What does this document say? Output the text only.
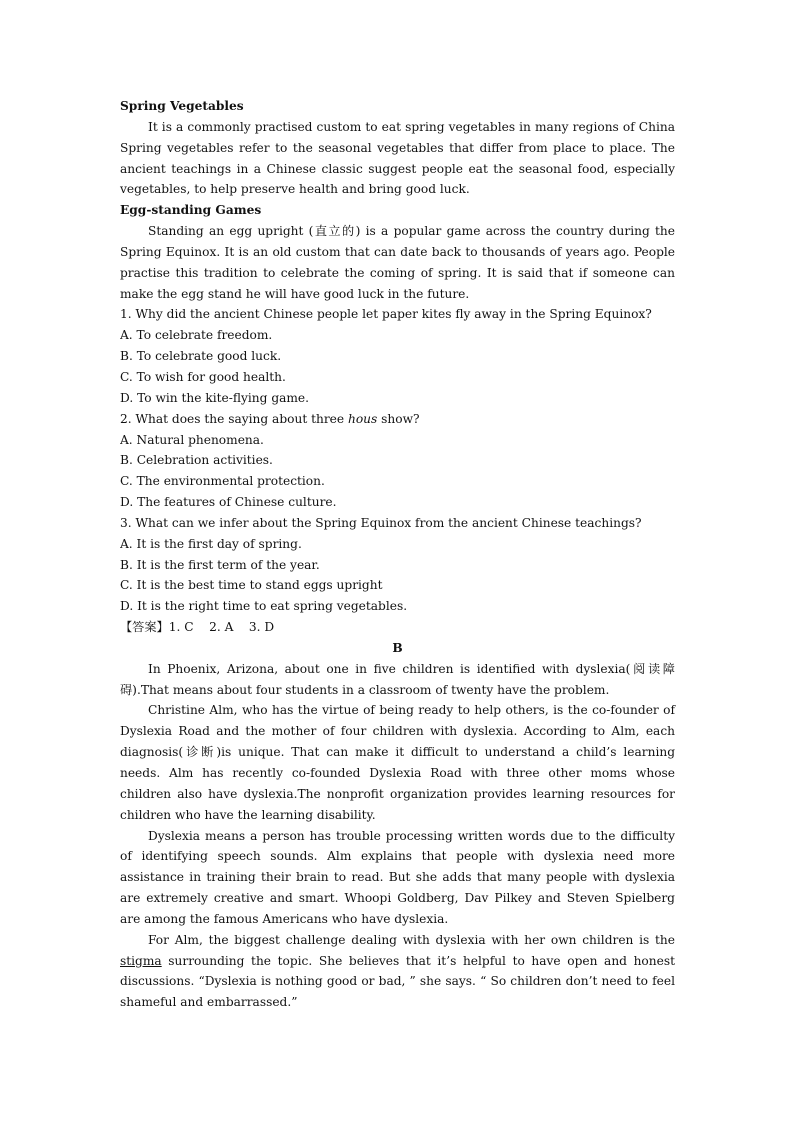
Spring Vegetables

It is a commonly practised custom to eat spring vegetables in many regions of China Spring vegetables refer to the seasonal vegetables that differ from place to place. The ancient teachings in a Chinese classic suggest people eat the seasonal food, especially vegetables, to help preserve health and bring good luck.

Egg-standing Games

Standing an egg upright (直立的) is a popular game across the country during the Spring Equinox. It is an old custom that can date back to thousands of years ago. People practise this tradition to celebrate the coming of spring. It is said that if someone can make the egg stand he will have good luck in the future.

1. Why did the ancient Chinese people let paper kites fly away in the Spring Equinox?
A. To celebrate freedom.
B. To celebrate good luck.
C. To wish for good health.
D. To win the kite-flying game.
2. What does the saying about three hous show?
A. Natural phenomena.
B. Celebration activities.
C. The environmental protection.
D. The features of Chinese culture.
3. What can we infer about the Spring Equinox from the ancient Chinese teachings?
A. It is the first day of spring.
B. It is the first term of the year.
C. It is the best time to stand eggs upright
D. It is the right time to eat spring vegetables.
【答案】1. C    2. A    3. D
B

In Phoenix, Arizona, about one in five children is identified with dyslexia(阅读障碍).That means about four students in a classroom of twenty have the problem.

Christine Alm, who has the virtue of being ready to help others, is the co-founder of Dyslexia Road and the mother of four children with dyslexia. According to Alm, each diagnosis(诊断)is unique. That can make it difficult to understand a child’s learning needs. Alm has recently co-founded Dyslexia Road with three other moms whose children also have dyslexia.The nonprofit organization provides learning resources for children who have the learning disability.

Dyslexia means a person has trouble processing written words due to the difficulty of identifying speech sounds. Alm explains that people with dyslexia need more assistance in training their brain to read. But she adds that many people with dyslexia are extremely creative and smart. Whoopi Goldberg, Dav Pilkey and Steven Spielberg are among the famous Americans who have dyslexia.

For Alm, the biggest challenge dealing with dyslexia with her own children is the stigma surrounding the topic. She believes that it’s helpful to have open and honest discussions. “Dyslexia is nothing good or bad, ” she says. “ So children don’t need to feel shameful and embarrassed.”
